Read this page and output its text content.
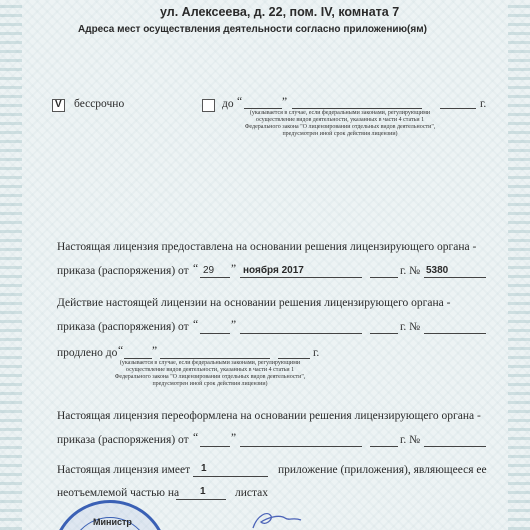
ул. Алексеева, д. 22, пом. IV, комната 7
Адреса мест осуществления деятельности согласно приложению(ям)
V бессрочно	до “	”	г.
(указывается в случае, если федеральными законами, регулирующими осуществление видов деятельности, указанных в части 4 статьи 1 Федерального закона "О лицензировании отдельных видов деятельности", предусмотрен иной срок действия лицензии)
Настоящая лицензия предоставлена на основании решения лицензирующего органа -
приказа (распоряжения) от “ 29 ” ноября 2017	г. № 5380
Действие настоящей лицензии на основании решения лицензирующего органа -
приказа (распоряжения) от “	”	г. №
продлено до “	”	г.
(указывается в случае, если федеральными законами, регулирующими осуществление видов деятельности, указанных в части 4 статьи 1 Федерального закона "О лицензировании отдельных видов деятельности", предусмотрен иной срок действия лицензии)
Настоящая лицензия переоформлена на основании решения лицензирующего органа -
приказа (распоряжения) от “	”	г. №
Настоящая лицензия имеет 1	приложение (приложения), являющееся ее
неотъемлемой частью на 1	листах
Министр
